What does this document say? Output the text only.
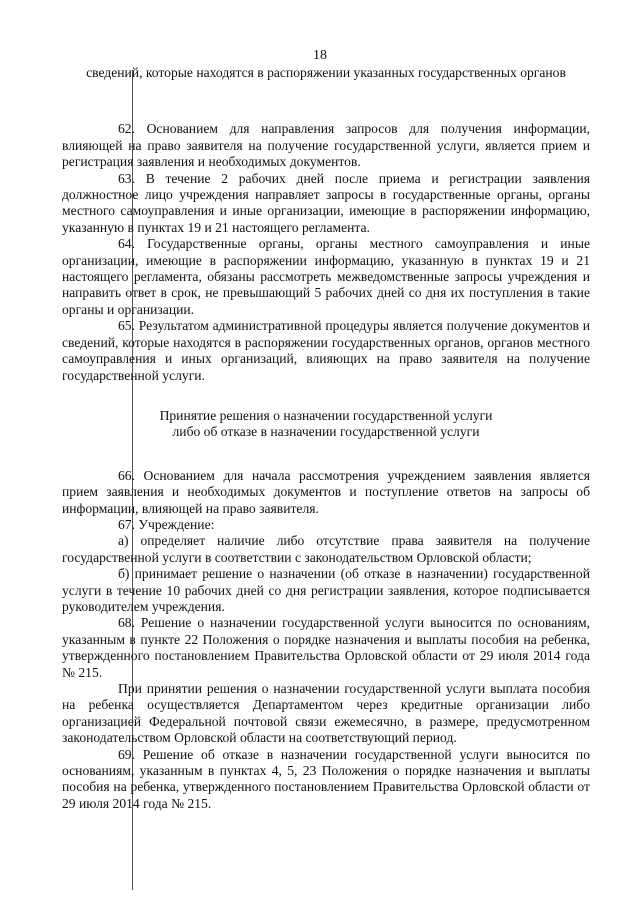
18

сведений, которые находятся в распоряжении указанных государственных органов

62. Основанием для направления запросов для получения информации, влияющей на право заявителя на получение государственной услуги, является прием и регистрация заявления и необходимых документов.

63. В течение 2 рабочих дней после приема и регистрации заявления должностное лицо учреждения направляет запросы в государственные органы, органы местного самоуправления и иные организации, имеющие в распоряжении информацию, указанную в пунктах 19 и 21 настоящего регламента.

64. Государственные органы, органы местного самоуправления и иные организации, имеющие в распоряжении информацию, указанную в пунктах 19 и 21 настоящего регламента, обязаны рассмотреть межведомственные запросы учреждения и направить ответ в срок, не превышающий 5 рабочих дней со дня их поступления в такие органы и организации.

65. Результатом административной процедуры является получение документов и сведений, которые находятся в распоряжении государственных органов, органов местного самоуправления и иных организаций, влияющих на право заявителя на получение государственной услуги.

Принятие решения о назначении государственной услуги

либо об отказе в назначении государственной услуги

66. Основанием для начала рассмотрения учреждением заявления является прием заявления и необходимых документов и поступление ответов на запросы об информации, влияющей на право заявителя.

67. Учреждение:

а) определяет наличие либо отсутствие права заявителя на получение государственной услуги в соответствии с законодательством Орловской области;

б) принимает решение о назначении (об отказе в назначении) государственной услуги в течение 10 рабочих дней со дня регистрации заявления, которое подписывается руководителем учреждения.

68. Решение о назначении государственной услуги выносится по основаниям, указанным в пункте 22 Положения о порядке назначения и выплаты пособия на ребенка, утвержденного постановлением Правительства Орловской области от 29 июля 2014 года № 215.

При принятии решения о назначении государственной услуги выплата пособия на ребенка осуществляется Департаментом через кредитные организации либо организацией Федеральной почтовой связи ежемесячно, в размере, предусмотренном законодательством Орловской области на соответствующий период.

69. Решение об отказе в назначении государственной услуги выносится по основаниям, указанным в пунктах 4, 5, 23 Положения о порядке назначения и выплаты пособия на ребенка, утвержденного постановлением Правительства Орловской области от 29 июля 2014 года № 215.
